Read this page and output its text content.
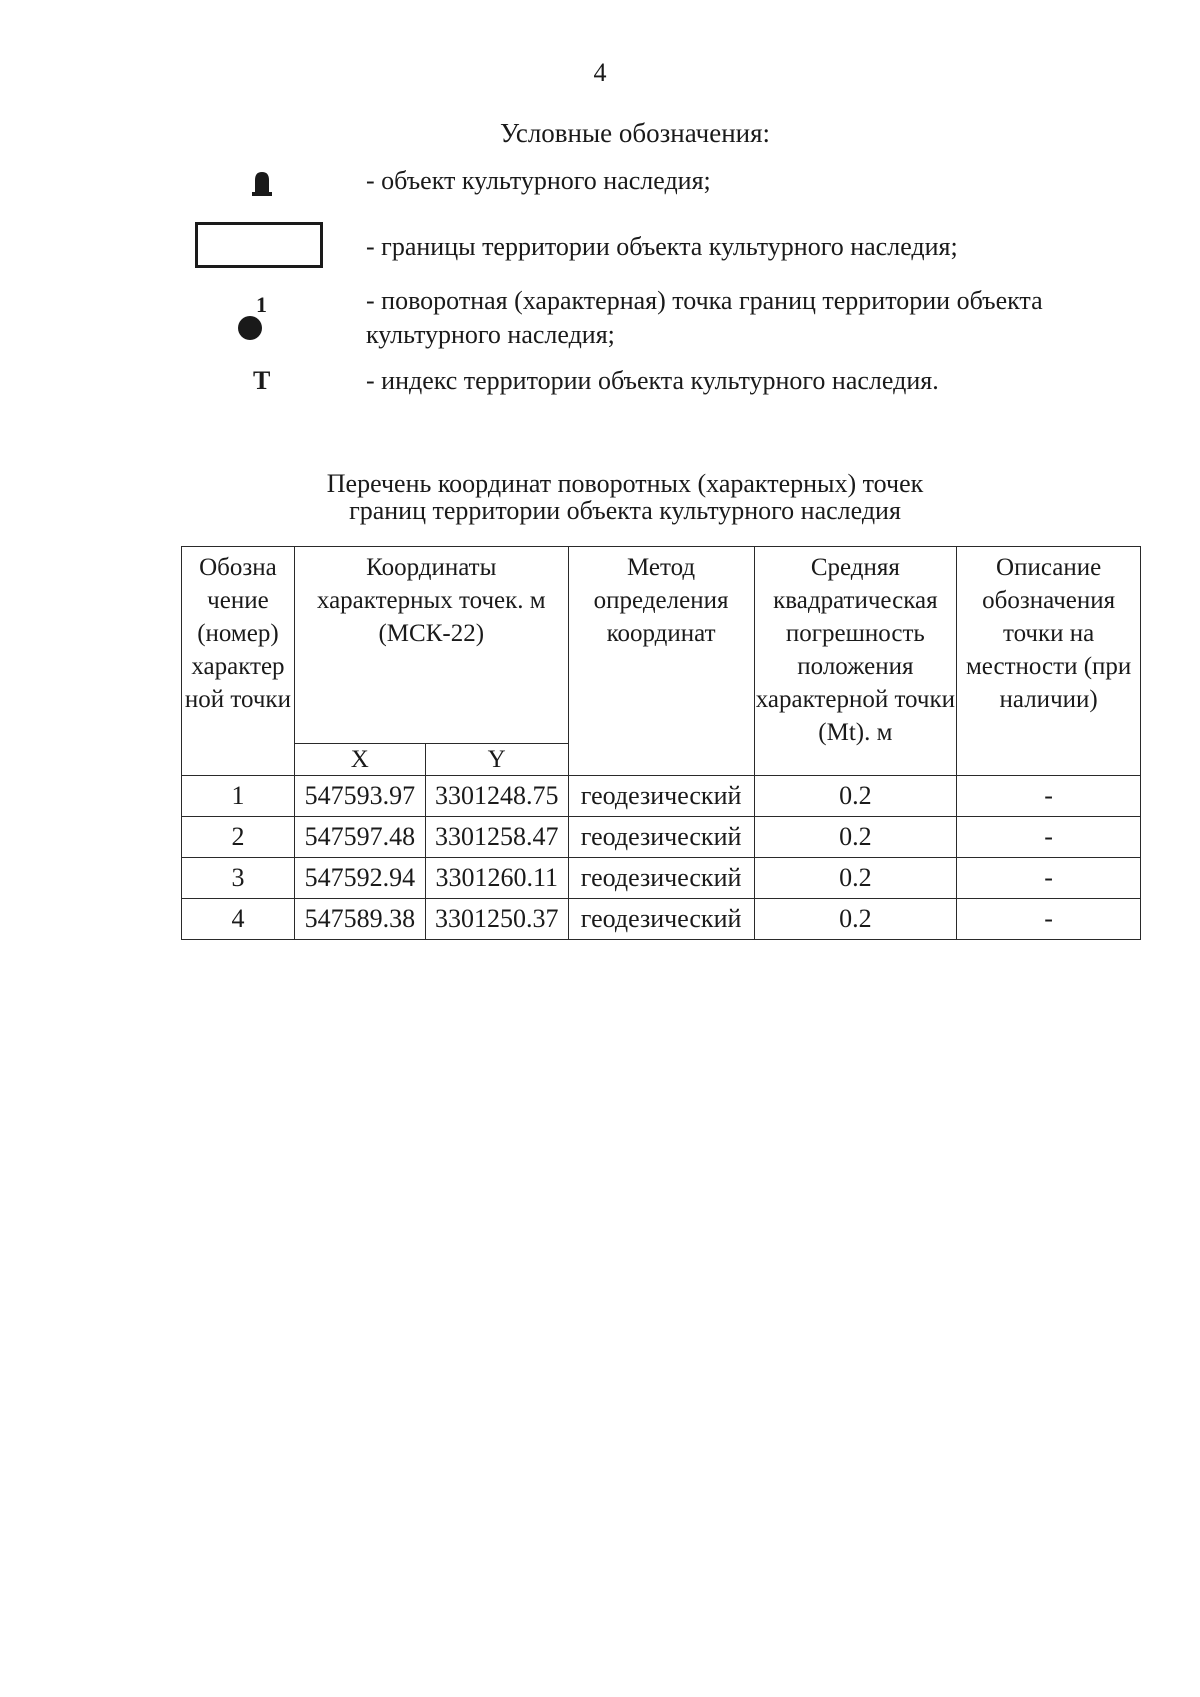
4
Условные обозначения:
- объект культурного наследия;
- границы территории объекта культурного наследия;
1	- поворотная (характерная) точка границ территории объекта культурного наследия;
Т	- индекс территории объекта культурного наследия.
Перечень координат поворотных (характерных) точек
границ территории объекта культурного наследия
Обозна чение (номер) характер ной точки	Координаты характерных точек. м (МСК-22)		Метод определения координат	Средняя квадратическая погрешность положения характерной точки (Mt). м	Описание обозначения точки на местности (при наличии)
	X	Y			
1	547593.97	3301248.75	геодезический	0.2	-
2	547597.48	3301258.47	геодезический	0.2	-
3	547592.94	3301260.11	геодезический	0.2	-
4	547589.38	3301250.37	геодезический	0.2	-
